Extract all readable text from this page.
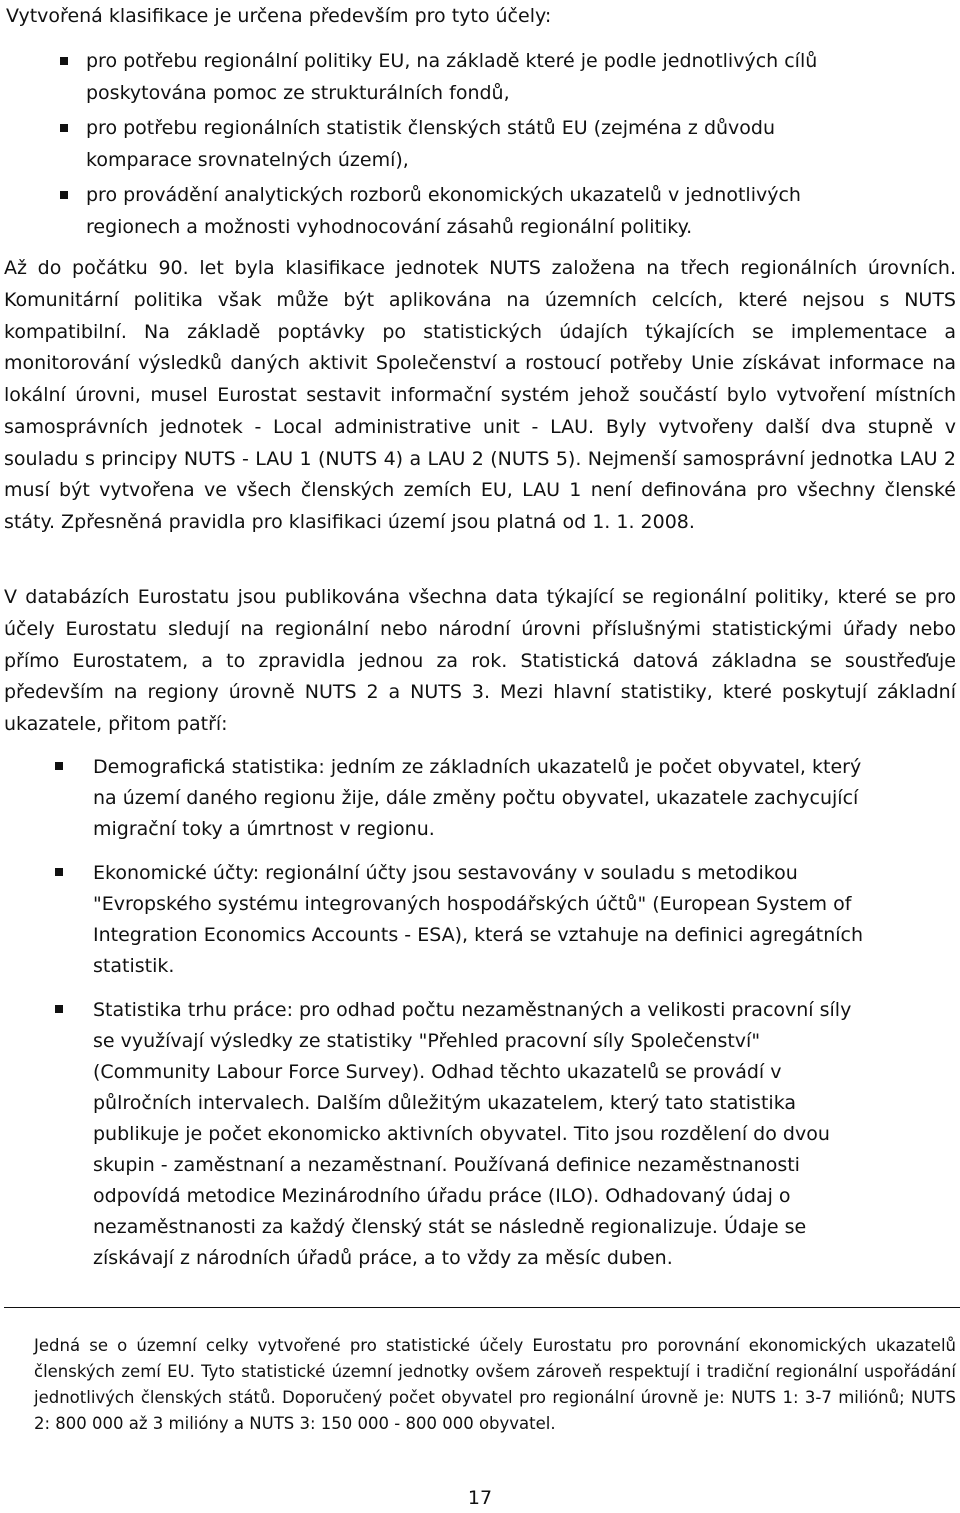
Vytvořená klasifikace je určena především pro tyto účely:

pro potřebu regionální politiky EU, na základě které je podle jednotlivých cílů poskytována pomoc ze strukturálních fondů,
pro potřebu regionálních statistik členských států EU (zejména z důvodu komparace srovnatelných území),
pro provádění analytických rozborů ekonomických ukazatelů v jednotlivých regionech a možnosti vyhodnocování zásahů regionální politiky.

Až do počátku 90. let byla klasifikace jednotek NUTS založena na třech regionálních úrovních. Komunitární politika však může být aplikována na územních celcích, které nejsou s NUTS kompatibilní. Na základě poptávky po statistických údajích týkajících se implementace a monitorování výsledků daných aktivit Společenství a rostoucí potřeby Unie získávat informace na lokální úrovni, musel Eurostat sestavit informační systém jehož součástí bylo vytvoření místních samosprávních jednotek - Local administrative unit - LAU. Byly vytvořeny další dva stupně v souladu s principy NUTS - LAU 1 (NUTS 4) a LAU 2 (NUTS 5). Nejmenší samosprávní jednotka LAU 2 musí být vytvořena ve všech členských zemích EU, LAU 1 není definována pro všechny členské státy. Zpřesněná pravidla pro klasifikaci území jsou platná od 1. 1. 2008.

V databázích Eurostatu jsou publikována všechna data týkající se regionální politiky, které se pro účely Eurostatu sledují na regionální nebo národní úrovni příslušnými statistickými úřady nebo přímo Eurostatem, a to zpravidla jednou za rok. Statistická datová základna se soustřeďuje především na regiony úrovně NUTS 2 a NUTS 3. Mezi hlavní statistiky, které poskytují základní ukazatele, přitom patří:

Demografická statistika: jedním ze základních ukazatelů je počet obyvatel, který na území daného regionu žije, dále změny počtu obyvatel, ukazatele zachycující migrační toky a úmrtnost v regionu.
Ekonomické účty: regionální účty jsou sestavovány v souladu s metodikou "Evropského systému integrovaných hospodářských účtů" (European System of Integration Economics Accounts - ESA), která se vztahuje na definici agregátních statistik.
Statistika trhu práce: pro odhad počtu nezaměstnaných a velikosti pracovní síly se využívají výsledky ze statistiky "Přehled pracovní síly Společenství" (Community Labour Force Survey). Odhad těchto ukazatelů se provádí v půlročních intervalech. Dalším důležitým ukazatelem, který tato statistika publikuje je počet ekonomicko aktivních obyvatel. Tito jsou rozdělení do dvou skupin - zaměstnaní a nezaměstnaní. Používaná definice nezaměstnanosti odpovídá metodice Mezinárodního úřadu práce (ILO). Odhadovaný údaj o nezaměstnanosti za každý členský stát se následně regionalizuje. Údaje se získávají z národních úřadů práce, a to vždy za měsíc duben.

Jedná se o územní celky vytvořené pro statistické účely Eurostatu pro porovnání ekonomických ukazatelů členských zemí EU. Tyto statistické územní jednotky ovšem zároveň respektují i tradiční regionální uspořádání jednotlivých členských států. Doporučený počet obyvatel pro regionální úrovně je: NUTS 1: 3-7 miliónů; NUTS 2: 800 000 až 3 milióny a NUTS 3: 150 000 - 800 000 obyvatel.

17
